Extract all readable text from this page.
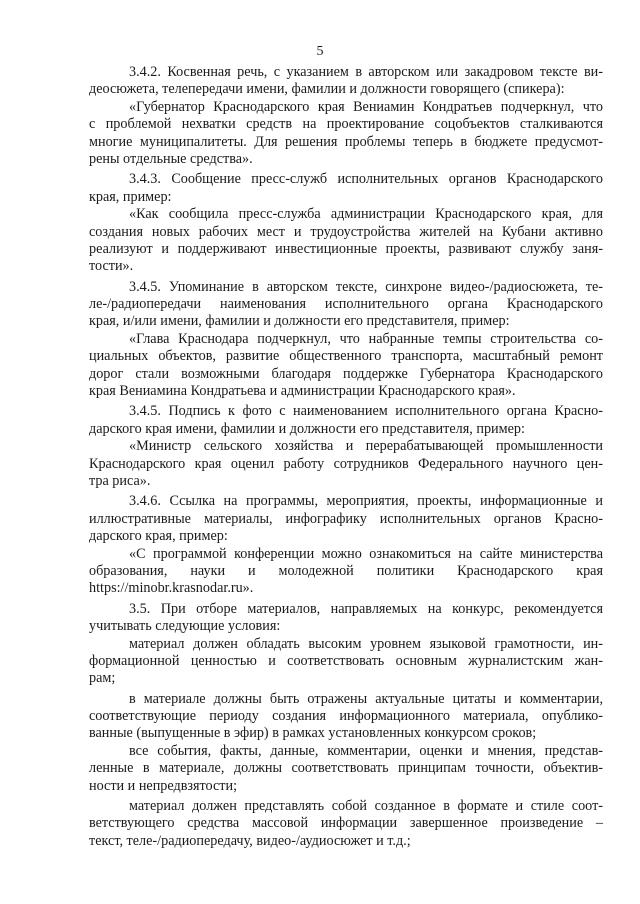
5
3.4.2. Косвенная речь, с указанием в авторском или закадровом тексте ви-
деосюжета, телепередачи имени, фамилии и должности говорящего (спикера):
«Губернатор Краснодарского края Вениамин Кондратьев подчеркнул, что
с проблемой нехватки средств на проектирование соцобъектов сталкиваются
многие муниципалитеты. Для решения проблемы теперь в бюджете предусмот-
рены отдельные средства».
3.4.3. Сообщение пресс-служб исполнительных органов Краснодарского
края, пример:
«Как сообщила пресс-служба администрации Краснодарского края, для
создания новых рабочих мест и трудоустройства жителей на Кубани активно
реализуют и поддерживают инвестиционные проекты, развивают службу заня-
тости».
3.4.5. Упоминание в авторском тексте, синхроне видео-/радиосюжета, те-
ле-/радиопередачи наименования исполнительного органа Краснодарского
края, и/или имени, фамилии и должности его представителя, пример:
«Глава Краснодара подчеркнул, что набранные темпы строительства со-
циальных объектов, развитие общественного транспорта, масштабный ремонт
дорог стали возможными благодаря поддержке Губернатора Краснодарского
края Вениамина Кондратьева и администрации Краснодарского края».
3.4.5. Подпись к фото с наименованием исполнительного органа Красно-
дарского края имени, фамилии и должности его представителя, пример:
«Министр сельского хозяйства и перерабатывающей промышленности
Краснодарского края оценил работу сотрудников Федерального научного цен-
тра риса».
3.4.6. Ссылка на программы, мероприятия, проекты, информационные и
иллюстративные материалы, инфографику исполнительных органов Красно-
дарского края, пример:
«С программой конференции можно ознакомиться на сайте министерства
образования, науки и молодежной политики Краснодарского края
https://minobr.krasnodar.ru».
3.5. При отборе материалов, направляемых на конкурс, рекомендуется
учитывать следующие условия:
материал должен обладать высоким уровнем языковой грамотности, ин-
формационной ценностью и соответствовать основным журналистским жан-
рам;
в материале должны быть отражены актуальные цитаты и комментарии,
соответствующие периоду создания информационного материала, опублико-
ванные (выпущенные в эфир) в рамках установленных конкурсом сроков;
все события, факты, данные, комментарии, оценки и мнения, представ-
ленные в материале, должны соответствовать принципам точности, объектив-
ности и непредвзятости;
материал должен представлять собой созданное в формате и стиле соот-
ветствующего средства массовой информации завершенное произведение –
текст, теле-/радиопередачу, видео-/аудиосюжет и т.д.;
